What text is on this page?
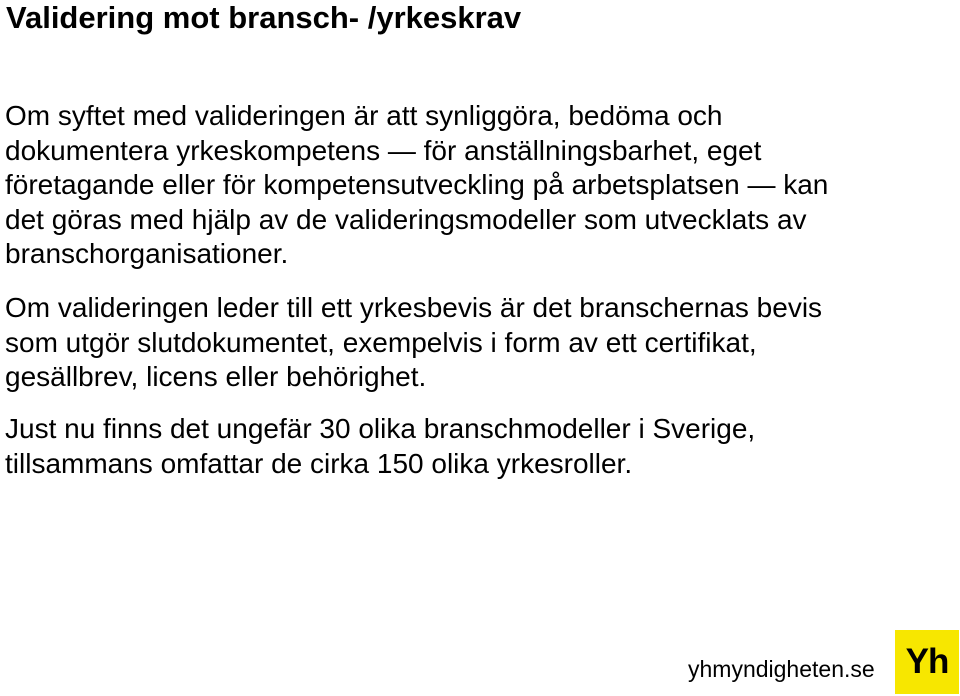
Validering mot bransch- /yrkeskrav

Om syftet med valideringen är att synliggöra, bedöma och
dokumentera yrkeskompetens — för anställningsbarhet, eget
företagande eller för kompetensutveckling på arbetsplatsen — kan
det göras med hjälp av de valideringsmodeller som utvecklats av
branschorganisationer.

Om valideringen leder till ett yrkesbevis är det branschernas bevis
som utgör slutdokumentet, exempelvis i form av ett certifikat,
gesällbrev, licens eller behörighet.

Just nu finns det ungefär 30 olika branschmodeller i Sverige,
tillsammans omfattar de cirka 150 olika yrkesroller.

yhmyndigheten.se Yh
